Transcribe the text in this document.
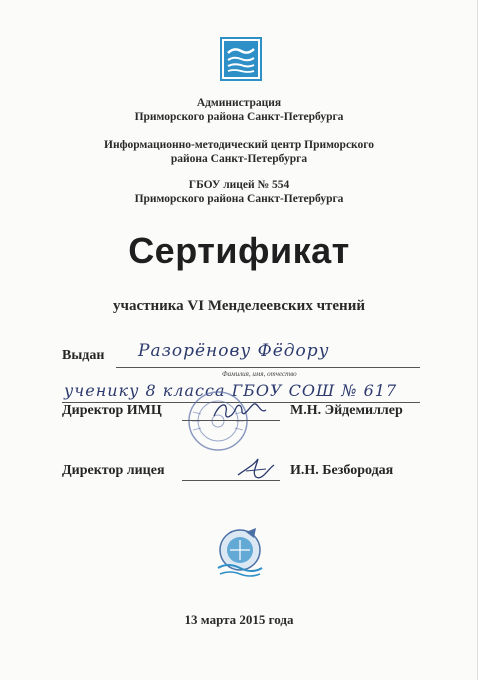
Администрация
Приморского района Санкт-Петербурга
Информационно-методический центр Приморского
района Санкт-Петербурга
ГБОУ лицей № 554
Приморского района Санкт-Петербурга
Сертификат
участника VI Менделеевских чтений
Выдан Разорёнову Фёдору
Фамилия, имя, отчество
ученику 8 класса ГБОУ СОШ № 617
Директор ИМЦ	М.Н. Эйдемиллер
Директор лицея	И.Н. Безбородая
13 марта 2015 года
